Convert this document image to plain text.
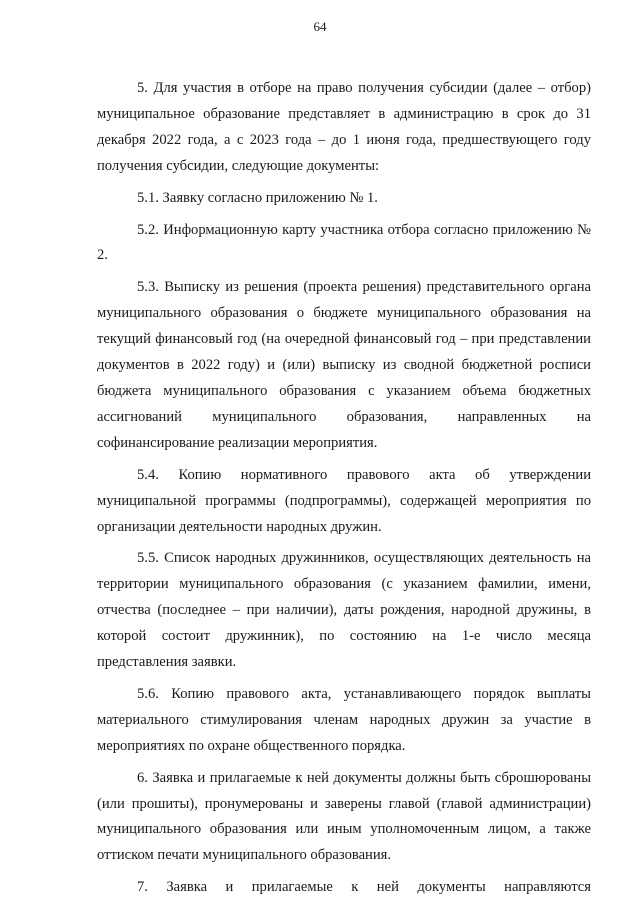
64

5. Для участия в отборе на право получения субсидии (далее – отбор) муниципальное образование представляет в администрацию в срок до 31 декабря 2022 года, а с 2023 года – до 1 июня года, предшествующего году получения субсидии, следующие документы:

5.1. Заявку согласно приложению № 1.

5.2. Информационную карту участника отбора согласно приложению № 2.

5.3. Выписку из решения (проекта решения) представительного органа муниципального образования о бюджете муниципального образования на текущий финансовый год (на очередной финансовый год – при представлении документов в 2022 году) и (или) выписку из сводной бюджетной росписи бюджета муниципального образования с указанием объема бюджетных ассигнований муниципального образования, направленных на софинансирование реализации мероприятия.

5.4. Копию нормативного правового акта об утверждении муниципальной программы (подпрограммы), содержащей мероприятия по организации деятельности народных дружин.

5.5. Список народных дружинников, осуществляющих деятельность на территории муниципального образования (с указанием фамилии, имени, отчества (последнее – при наличии), даты рождения, народной дружины, в которой состоит дружинник), по состоянию на 1-е число месяца представления заявки.

5.6. Копию правового акта, устанавливающего порядок выплаты материального стимулирования членам народных дружин за участие в мероприятиях по охране общественного порядка.

6. Заявка и прилагаемые к ней документы должны быть сброшюрованы (или прошиты), пронумерованы и заверены главой (главой администрации) муниципального образования или иным уполномоченным лицом, а также оттиском печати муниципального образования.

7. Заявка и прилагаемые к ней документы направляются
